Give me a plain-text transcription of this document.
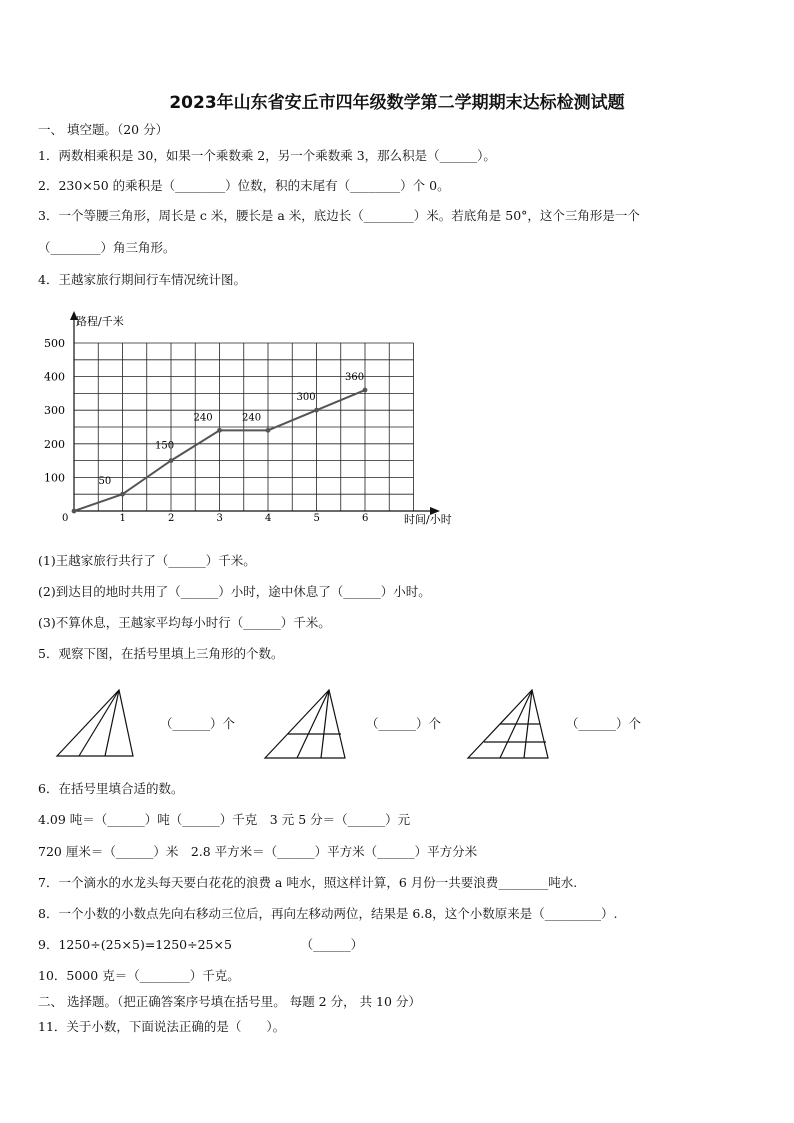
2023年山东省安丘市四年级数学第二学期期末达标检测试题
一、 填空题。（20 分）
1．两数相乘积是 30，如果一个乘数乘 2，另一个乘数乘 3，那么积是（______）。
2．230×50 的乘积是（________）位数，积的末尾有（________）个 0。
3．一个等腰三角形，周长是 c 米，腰长是 a 米，底边长（________）米。若底角是 50°，这个三角形是一个
（________）角三角形。
4．王越家旅行期间行车情况统计图。
路程/千米
时间/小时
0	1	2	3	4	5	6
100
200
300
400
500
50
150
240	240
300
360
(1)王越家旅行共行了（______）千米。
(2)到达目的地时共用了（______）小时，途中休息了（______）小时。
(3)不算休息，王越家平均每小时行（______）千米。
5．观察下图，在括号里填上三角形的个数。
（______）个	（______）个	（______）个
6．在括号里填合适的数。
4.09 吨＝（______）吨（______）千克　3 元 5 分＝（______）元
720 厘米＝（______）米　2.8 平方米＝（______）平方米（______）平方分米
7．一个滴水的水龙头每天要白花花的浪费 a 吨水，照这样计算，6 月份一共要浪费________吨水.
8．一个小数的小数点先向右移动三位后，再向左移动两位，结果是 6.8，这个小数原来是（_________）.
9．1250÷(25×5)=1250÷25×5　　　　　　（______）
10．5000 克＝（________）千克。
二、 选择题。（把正确答案序号填在括号里。 每题 2 分， 共 10 分）
11．关于小数，下面说法正确的是（　　）。
